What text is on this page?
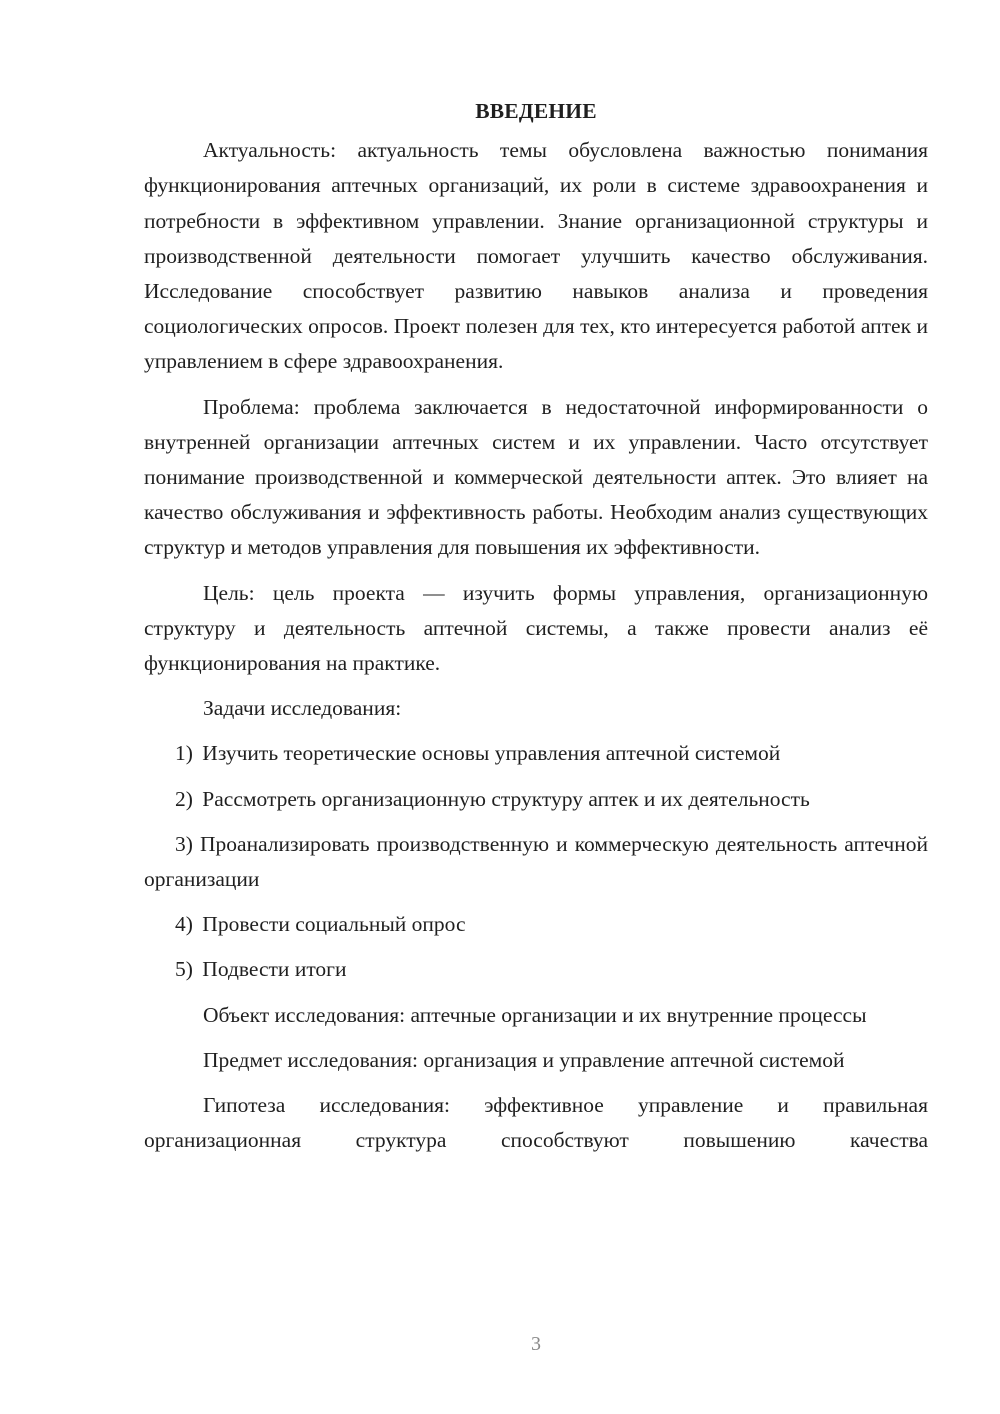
ВВЕДЕНИЕ

Актуальность: актуальность темы обусловлена важностью понимания функционирования аптечных организаций, их роли в системе здравоохранения и потребности в эффективном управлении. Знание организационной структуры и производственной деятельности помогает улучшить качество обслуживания. Исследование способствует развитию навыков анализа и проведения социологических опросов. Проект полезен для тех, кто интересуется работой аптек и управлением в сфере здравоохранения.

Проблема: проблема заключается в недостаточной информированности о внутренней организации аптечных систем и их управлении. Часто отсутствует понимание производственной и коммерческой деятельности аптек. Это влияет на качество обслуживания и эффективность работы. Необходим анализ существующих структур и методов управления для повышения их эффективности.

Цель: цель проекта — изучить формы управления, организационную структуру и деятельность аптечной системы, а также провести анализ её функционирования на практике.

Задачи исследования:

1) Изучить теоретические основы управления аптечной системой

2) Рассмотреть организационную структуру аптек и их деятельность

3) Проанализировать производственную и коммерческую деятельность аптечной организации

4) Провести социальный опрос

5) Подвести итоги

Объект исследования: аптечные организации и их внутренние процессы

Предмет исследования: организация и управление аптечной системой

Гипотеза исследования: эффективное управление и правильная организационная структура способствуют повышению качества

3
